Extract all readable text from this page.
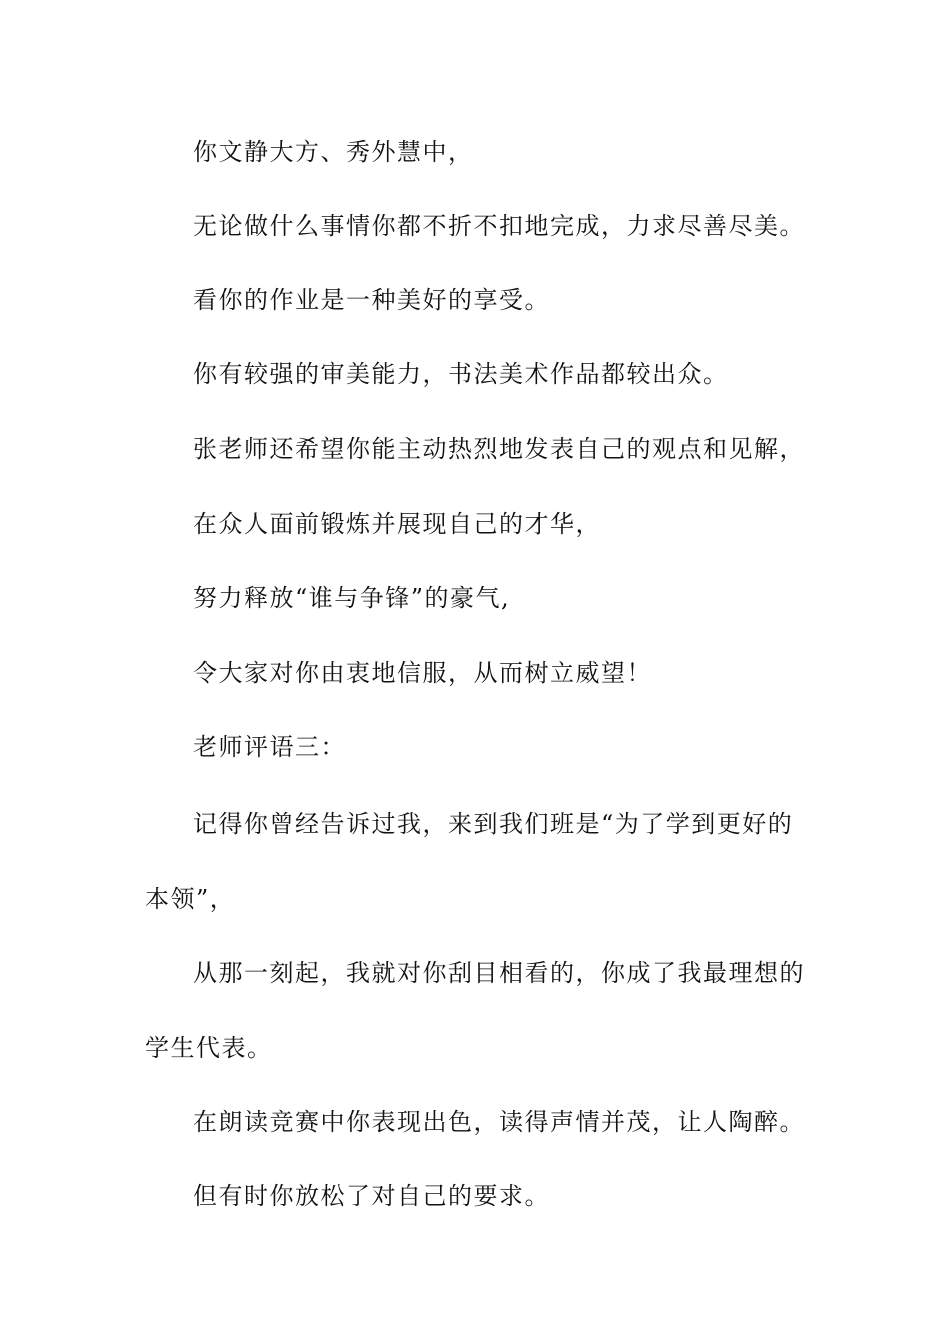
你文静大方、秀外慧中，

无论做什么事情你都不折不扣地完成，力求尽善尽美。

看你的作业是一种美好的享受。

你有较强的审美能力，书法美术作品都较出众。

张老师还希望你能主动热烈地发表自己的观点和见解，

在众人面前锻炼并展现自己的才华，

努力释放“谁与争锋”的豪气,

令大家对你由衷地信服，从而树立威望！

老师评语三：

记得你曾经告诉过我，来到我们班是“为了学到更好的本领”，

从那一刻起，我就对你刮目相看的，你成了我最理想的学生代表。

在朗读竞赛中你表现出色，读得声情并茂，让人陶醉。

但有时你放松了对自己的要求。
